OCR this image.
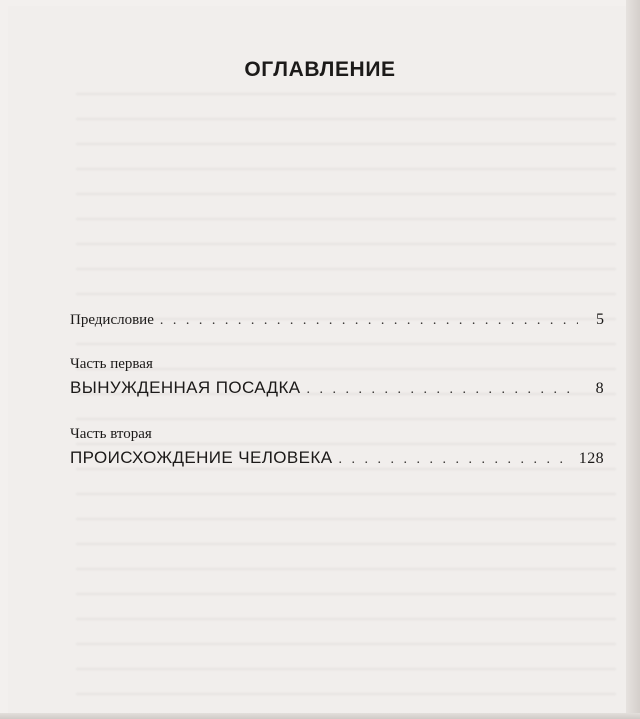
ОГЛАВЛЕНИЕ
Предисловие . . .	5
Часть первая
ВЫНУЖДЕННАЯ ПОСАДКА . . .	8
Часть вторая
ПРОИСХОЖДЕНИЕ ЧЕЛОВЕКА . . .	128
